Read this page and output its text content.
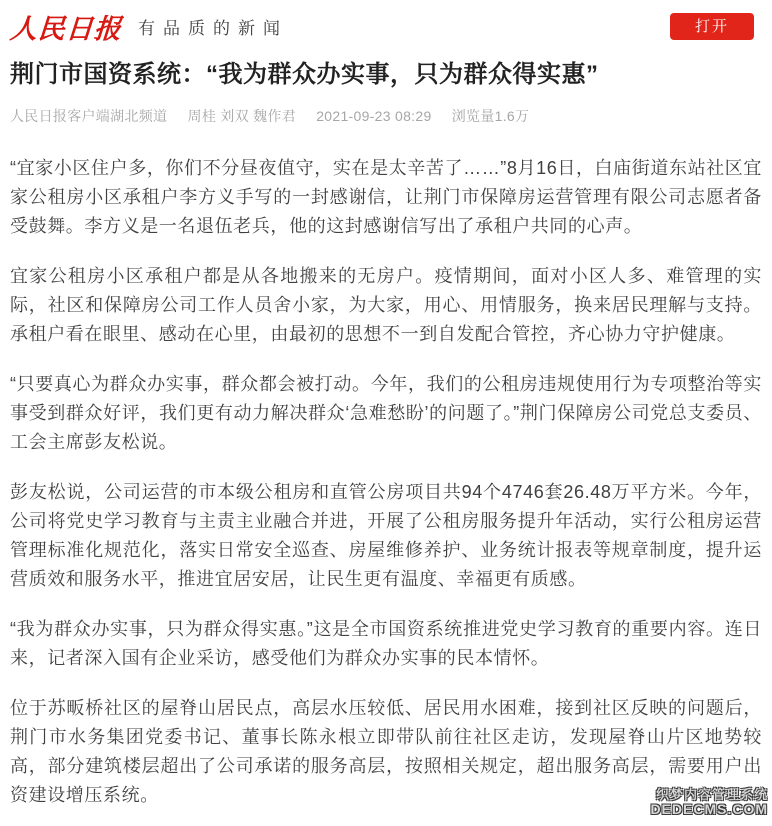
人民日报 有品质的新闻	打开
荆门市国资系统：“我为群众办实事，只为群众得实惠”
人民日报客户端湖北频道 周桂 刘双 魏作君 2021-09-23 08:29 浏览量1.6万

“宜家小区住户多，你们不分昼夜值守，实在是太辛苦了……”8月16日，白庙街道东站社区宜家公租房小区承租户李方义手写的一封感谢信，让荆门市保障房运营管理有限公司志愿者备受鼓舞。李方义是一名退伍老兵，他的这封感谢信写出了承租户共同的心声。

宜家公租房小区承租户都是从各地搬来的无房户。疫情期间，面对小区人多、难管理的实际，社区和保障房公司工作人员舍小家，为大家，用心、用情服务，换来居民理解与支持。承租户看在眼里、感动在心里，由最初的思想不一到自发配合管控，齐心协力守护健康。

“只要真心为群众办实事，群众都会被打动。今年，我们的公租房违规使用行为专项整治等实事受到群众好评，我们更有动力解决群众‘急难愁盼’的问题了。”荆门保障房公司党总支委员、工会主席彭友松说。

彭友松说，公司运营的市本级公租房和直管公房项目共94个4746套26.48万平方米。今年，公司将党史学习教育与主责主业融合并进，开展了公租房服务提升年活动，实行公租房运营管理标准化规范化，落实日常安全巡查、房屋维修养护、业务统计报表等规章制度，提升运营质效和服务水平，推进宜居安居，让民生更有温度、幸福更有质感。

“我为群众办实事，只为群众得实惠。”这是全市国资系统推进党史学习教育的重要内容。连日来，记者深入国有企业采访，感受他们为群众办实事的民本情怀。

位于苏畈桥社区的屋脊山居民点，高层水压较低、居民用水困难，接到社区反映的问题后，荆门市水务集团党委书记、董事长陈永根立即带队前往社区走访，发现屋脊山片区地势较高，部分建筑楼层超出了公司承诺的服务高层，按照相关规定，超出服务高层，需要用户出资建设增压系统。	织梦内容管理系统
DEDECMS.COM
